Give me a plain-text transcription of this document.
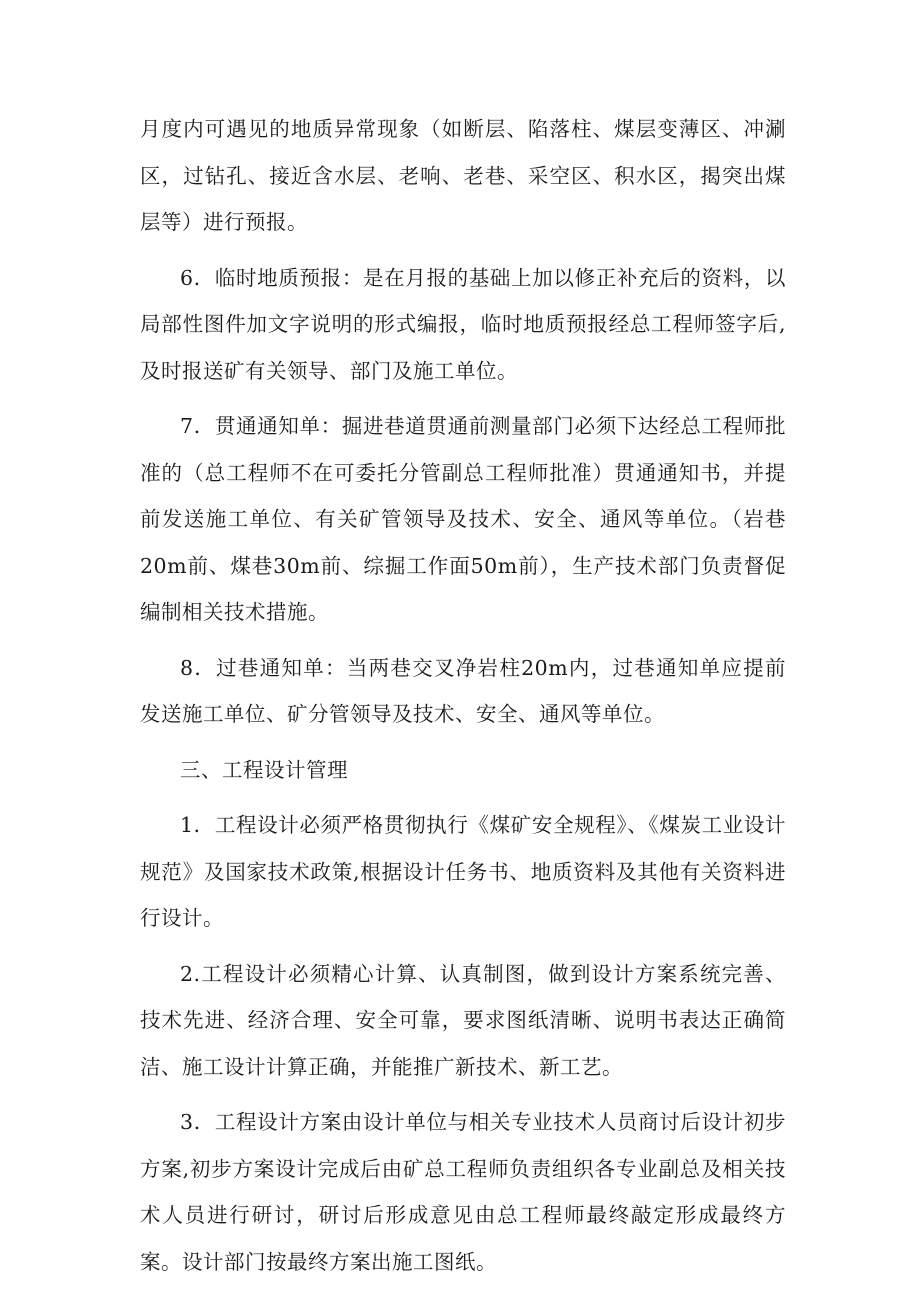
月度内可遇见的地质异常现象（如断层、陷落柱、煤层变薄区、冲涮区，过钻孔、接近含水层、老响、老巷、采空区、积水区，揭突出煤层等）进行预报。

6．临时地质预报：是在月报的基础上加以修正补充后的资料，以局部性图件加文字说明的形式编报，临时地质预报经总工程师签字后,及时报送矿有关领导、部门及施工单位。

7．贯通通知单：掘进巷道贯通前测量部门必须下达经总工程师批准的（总工程师不在可委托分管副总工程师批准）贯通通知书，并提前发送施工单位、有关矿管领导及技术、安全、通风等单位。（岩巷20m前、煤巷30m前、综掘工作面50m前），生产技术部门负责督促编制相关技术措施。

8．过巷通知单：当两巷交叉净岩柱20m内，过巷通知单应提前发送施工单位、矿分管领导及技术、安全、通风等单位。

三、工程设计管理

1．工程设计必须严格贯彻执行《煤矿安全规程》、《煤炭工业设计规范》及国家技术政策,根据设计任务书、地质资料及其他有关资料进行设计。

2.工程设计必须精心计算、认真制图，做到设计方案系统完善、技术先进、经济合理、安全可靠，要求图纸清晰、说明书表达正确简洁、施工设计计算正确，并能推广新技术、新工艺。

3．工程设计方案由设计单位与相关专业技术人员商讨后设计初步方案,初步方案设计完成后由矿总工程师负责组织各专业副总及相关技术人员进行研讨，研讨后形成意见由总工程师最终敲定形成最终方案。设计部门按最终方案出施工图纸。
